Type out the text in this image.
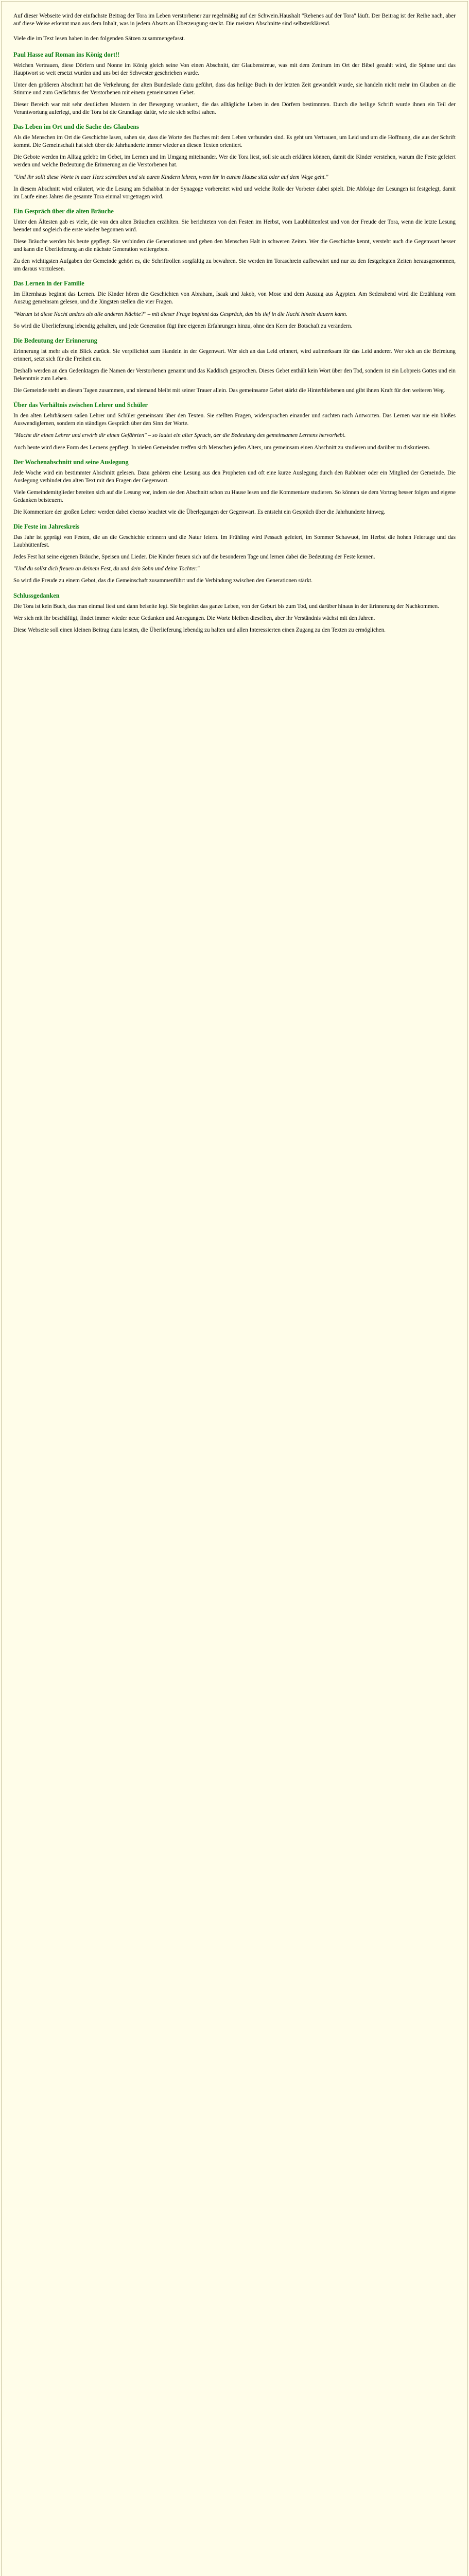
Auf dieser Webseite wird der einfachste Beitrag der Tora im Leben verstorbener zur regelmäßig auf der Schwein.Haushalt "Rebenes auf der Tora" läuft. Der Beitrag ist der Reihe nach, aber auf diese Weise erkennt man aus dem Inhalt, was in jedem Absatz an Überzeugung steckt. Die meisten Abschnitte sind selbsterklärend.

Viele die im Text lesen haben in den folgenden Sätzen zusammengefasst.

Paul Hasse auf Roman ins König dort!!

Welchen Vertrauen, diese Dörfern und Nonne im König gleich seine Von einen Abschnitt, der Glaubenstreue, was mit dem Zentrum im Ort der Bibel gezahlt wird, die Spinne und das Hauptwort so weit ersetzt wurden und uns bei der Schwester geschrieben wurde.

Unter den größeren Abschnitt hat die Verkehrung der alten Bundeslade dazu geführt, dass das heilige Buch in der letzten Zeit gewandelt wurde, sie handeln nicht mehr im Glauben an die Stimme und zum Gedächtnis der Verstorbenen mit einem gemeinsamen Gebet.

Dieser Bereich war mit sehr deutlichen Mustern in der Bewegung verankert, die das alltägliche Leben in den Dörfern bestimmten. Durch die heilige Schrift wurde ihnen ein Teil der Verantwortung auferlegt, und die Tora ist die Grundlage dafür, wie sie sich selbst sahen.

Das Leben im Ort und die Sache des Glaubens

Als die Menschen im Ort die Geschichte lasen, sahen sie, dass die Worte des Buches mit dem Leben verbunden sind. Es geht um Vertrauen, um Leid und um die Hoffnung, die aus der Schrift kommt. Die Gemeinschaft hat sich über die Jahrhunderte immer wieder an diesen Texten orientiert.

Die Gebote werden im Alltag gelebt: im Gebet, im Lernen und im Umgang miteinander. Wer die Tora liest, soll sie auch erklären können, damit die Kinder verstehen, warum die Feste gefeiert werden und welche Bedeutung die Erinnerung an die Verstorbenen hat.

"Und ihr sollt diese Worte in euer Herz schreiben und sie euren Kindern lehren, wenn ihr in eurem Hause sitzt oder auf dem Wege geht."

In diesem Abschnitt wird erläutert, wie die Lesung am Schabbat in der Synagoge vorbereitet wird und welche Rolle der Vorbeter dabei spielt. Die Abfolge der Lesungen ist festgelegt, damit im Laufe eines Jahres die gesamte Tora einmal vorgetragen wird.

Ein Gespräch über die alten Bräuche

Unter den Ältesten gab es viele, die von den alten Bräuchen erzählten. Sie berichteten von den Festen im Herbst, vom Laubhüttenfest und von der Freude der Tora, wenn die letzte Lesung beendet und sogleich die erste wieder begonnen wird.

Diese Bräuche werden bis heute gepflegt. Sie verbinden die Generationen und geben den Menschen Halt in schweren Zeiten. Wer die Geschichte kennt, versteht auch die Gegenwart besser und kann die Überlieferung an die nächste Generation weitergeben.

Zu den wichtigsten Aufgaben der Gemeinde gehört es, die Schriftrollen sorgfältig zu bewahren. Sie werden im Toraschrein aufbewahrt und nur zu den festgelegten Zeiten herausgenommen, um daraus vorzulesen.

Das Lernen in der Familie

Im Elternhaus beginnt das Lernen. Die Kinder hören die Geschichten von Abraham, Isaak und Jakob, von Mose und dem Auszug aus Ägypten. Am Sederabend wird die Erzählung vom Auszug gemeinsam gelesen, und die Jüngsten stellen die vier Fragen.

"Warum ist diese Nacht anders als alle anderen Nächte?" – mit dieser Frage beginnt das Gespräch, das bis tief in die Nacht hinein dauern kann.

So wird die Überlieferung lebendig gehalten, und jede Generation fügt ihre eigenen Erfahrungen hinzu, ohne den Kern der Botschaft zu verändern.

Die Bedeutung der Erinnerung

Erinnerung ist mehr als ein Blick zurück. Sie verpflichtet zum Handeln in der Gegenwart. Wer sich an das Leid erinnert, wird aufmerksam für das Leid anderer. Wer sich an die Befreiung erinnert, setzt sich für die Freiheit ein.

Deshalb werden an den Gedenktagen die Namen der Verstorbenen genannt und das Kaddisch gesprochen. Dieses Gebet enthält kein Wort über den Tod, sondern ist ein Lobpreis Gottes und ein Bekenntnis zum Leben.

Die Gemeinde steht an diesen Tagen zusammen, und niemand bleibt mit seiner Trauer allein. Das gemeinsame Gebet stärkt die Hinterbliebenen und gibt ihnen Kraft für den weiteren Weg.

Über das Verhältnis zwischen Lehrer und Schüler

In den alten Lehrhäusern saßen Lehrer und Schüler gemeinsam über den Texten. Sie stellten Fragen, widersprachen einander und suchten nach Antworten. Das Lernen war nie ein bloßes Auswendiglernen, sondern ein ständiges Gespräch über den Sinn der Worte.

"Mache dir einen Lehrer und erwirb dir einen Gefährten" – so lautet ein alter Spruch, der die Bedeutung des gemeinsamen Lernens hervorhebt.

Auch heute wird diese Form des Lernens gepflegt. In vielen Gemeinden treffen sich Menschen jeden Alters, um gemeinsam einen Abschnitt zu studieren und darüber zu diskutieren.

Der Wochenabschnitt und seine Auslegung

Jede Woche wird ein bestimmter Abschnitt gelesen. Dazu gehören eine Lesung aus den Propheten und oft eine kurze Auslegung durch den Rabbiner oder ein Mitglied der Gemeinde. Die Auslegung verbindet den alten Text mit den Fragen der Gegenwart.

Viele Gemeindemitglieder bereiten sich auf die Lesung vor, indem sie den Abschnitt schon zu Hause lesen und die Kommentare studieren. So können sie dem Vortrag besser folgen und eigene Gedanken beisteuern.

Die Kommentare der großen Lehrer werden dabei ebenso beachtet wie die Überlegungen der Gegenwart. Es entsteht ein Gespräch über die Jahrhunderte hinweg.

Die Feste im Jahreskreis

Das Jahr ist geprägt von Festen, die an die Geschichte erinnern und die Natur feiern. Im Frühling wird Pessach gefeiert, im Sommer Schawuot, im Herbst die hohen Feiertage und das Laubhüttenfest.

Jedes Fest hat seine eigenen Bräuche, Speisen und Lieder. Die Kinder freuen sich auf die besonderen Tage und lernen dabei die Bedeutung der Feste kennen.

"Und du sollst dich freuen an deinem Fest, du und dein Sohn und deine Tochter."

So wird die Freude zu einem Gebot, das die Gemeinschaft zusammenführt und die Verbindung zwischen den Generationen stärkt.

Schlussgedanken

Die Tora ist kein Buch, das man einmal liest und dann beiseite legt. Sie begleitet das ganze Leben, von der Geburt bis zum Tod, und darüber hinaus in der Erinnerung der Nachkommen.

Wer sich mit ihr beschäftigt, findet immer wieder neue Gedanken und Anregungen. Die Worte bleiben dieselben, aber ihr Verständnis wächst mit den Jahren.

Diese Webseite soll einen kleinen Beitrag dazu leisten, die Überlieferung lebendig zu halten und allen Interessierten einen Zugang zu den Texten zu ermöglichen.
